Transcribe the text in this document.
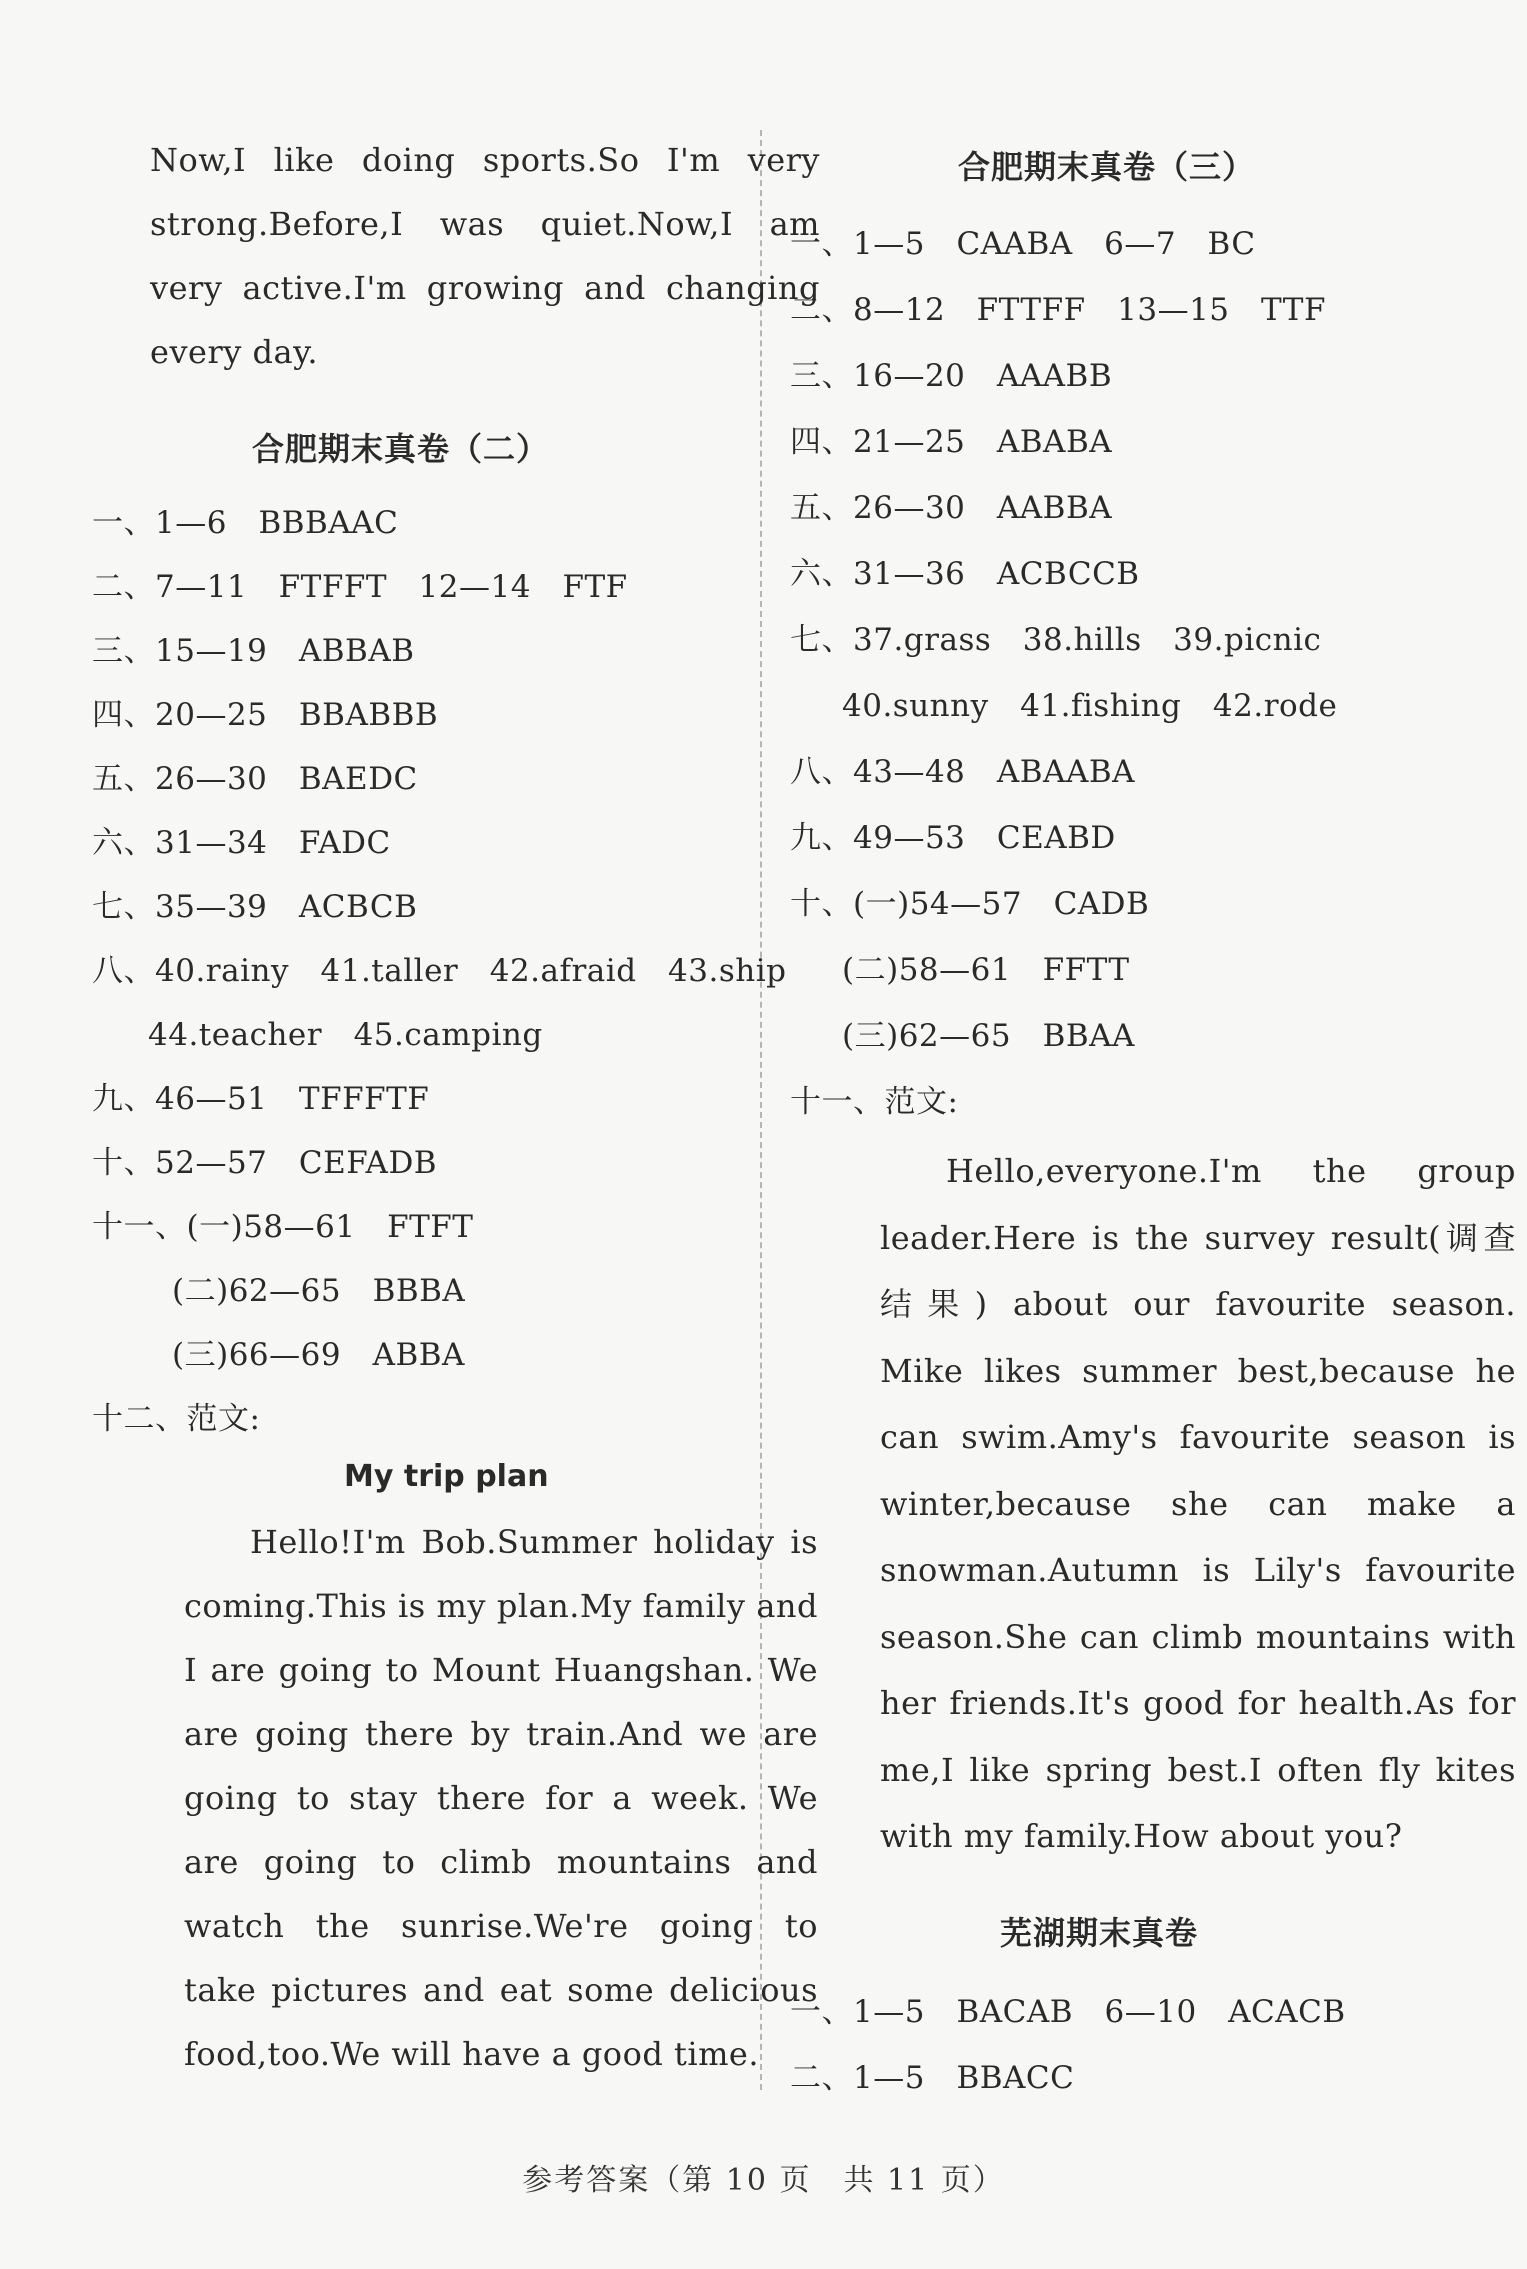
Now,I like doing sports.So I'm very strong.Before,I was quiet.Now,I am very active.I'm growing and changing every day.
合肥期末真卷（二）
一、1—6　BBBAAC
二、7—11　FTFFT　12—14　FTF
三、15—19　ABBAB
四、20—25　BBABBB
五、26—30　BAEDC
六、31—34　FADC
七、35—39　ACBCB
八、40.rainy　41.taller　42.afraid　43.ship
44.teacher　45.camping
九、46—51　TFFFTF
十、52—57　CEFADB
十一、(一)58—61　FTFT
(二)62—65　BBBA
(三)66—69　ABBA
十二、范文:
My trip plan
Hello!I'm Bob.Summer holiday is coming.This is my plan.My family and I are going to Mount Huangshan. We are going there by train.And we are going to stay there for a week. We are going to climb mountains and watch the sunrise.We're going to take pictures and eat some delicious food,too.We will have a good time.
合肥期末真卷（三）
一、1—5　CAABA　6—7　BC
二、8—12　FTTFF　13—15　TTF
三、16—20　AAABB
四、21—25　ABABA
五、26—30　AABBA
六、31—36　ACBCCB
七、37.grass　38.hills　39.picnic
40.sunny　41.fishing　42.rode
八、43—48　ABAABA
九、49—53　CEABD
十、(一)54—57　CADB
(二)58—61　FFTT
(三)62—65　BBAA
十一、范文:
Hello,everyone.I'm the group leader.Here is the survey result(调查结果) about our favourite season. Mike likes summer best,because he can swim.Amy's favourite season is winter,because she can make a snowman.Autumn is Lily's favourite season.She can climb mountains with her friends.It's good for health.As for me,I like spring best.I often fly kites with my family.How about you?
芜湖期末真卷
一、1—5　BACAB　6—10　ACACB
二、1—5　BBACC
参考答案（第 10 页　共 11 页）
